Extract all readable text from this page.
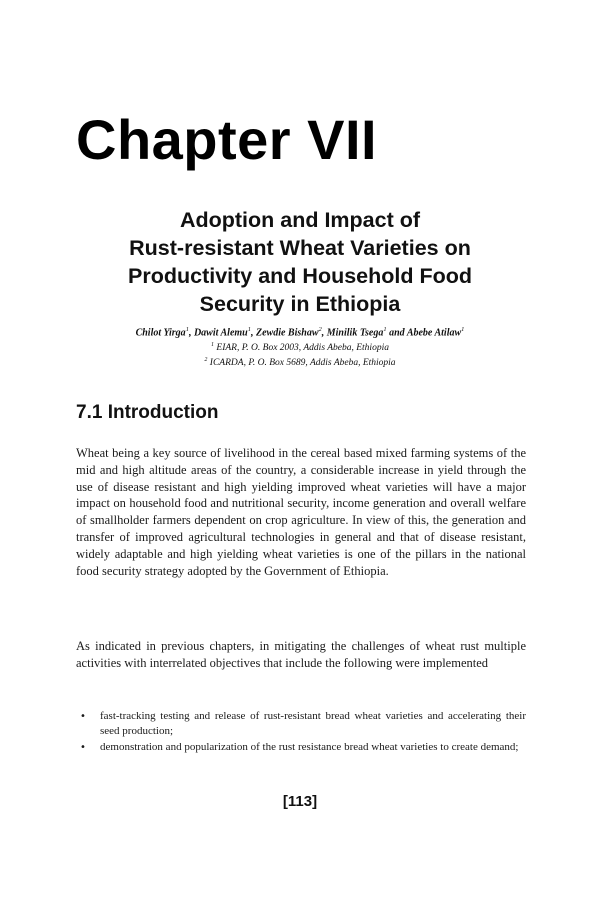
Chapter VII
Adoption and Impact of
Rust-resistant Wheat Varieties on
Productivity and Household Food
Security in Ethiopia
Chilot Yirga$^1$, Dawit Alemu$^1$, Zewdie Bishaw$^2$, Minilik Tsega$^1$ and Abebe Atilaw$^1$
$^1$ EIAR, P. O. Box 2003, Addis Abeba, Ethiopia
$^2$ ICARDA, P. O. Box 5689, Addis Abeba, Ethiopia
7.1 Introduction

Wheat being a key source of livelihood in the cereal based mixed farming systems of the mid and high altitude areas of the country, a considerable increase in yield through the use of disease resistant and high yielding improved wheat varieties will have a major impact on household food and nutritional security, income generation and overall welfare of smallholder farmers dependent on crop agriculture. In view of this, the generation and transfer of improved agricultural technologies in general and that of disease resistant, widely adaptable and high yielding wheat varieties is one of the pillars in the national food security strategy adopted by the Government of Ethiopia.

As indicated in previous chapters, in mitigating the challenges of wheat rust multiple activities with interrelated objectives that include the following were implemented

• fast-tracking testing and release of rust-resistant bread wheat varieties and accelerating their seed production;
• demonstration and popularization of the rust resistance bread wheat varieties to create demand;
[113]
